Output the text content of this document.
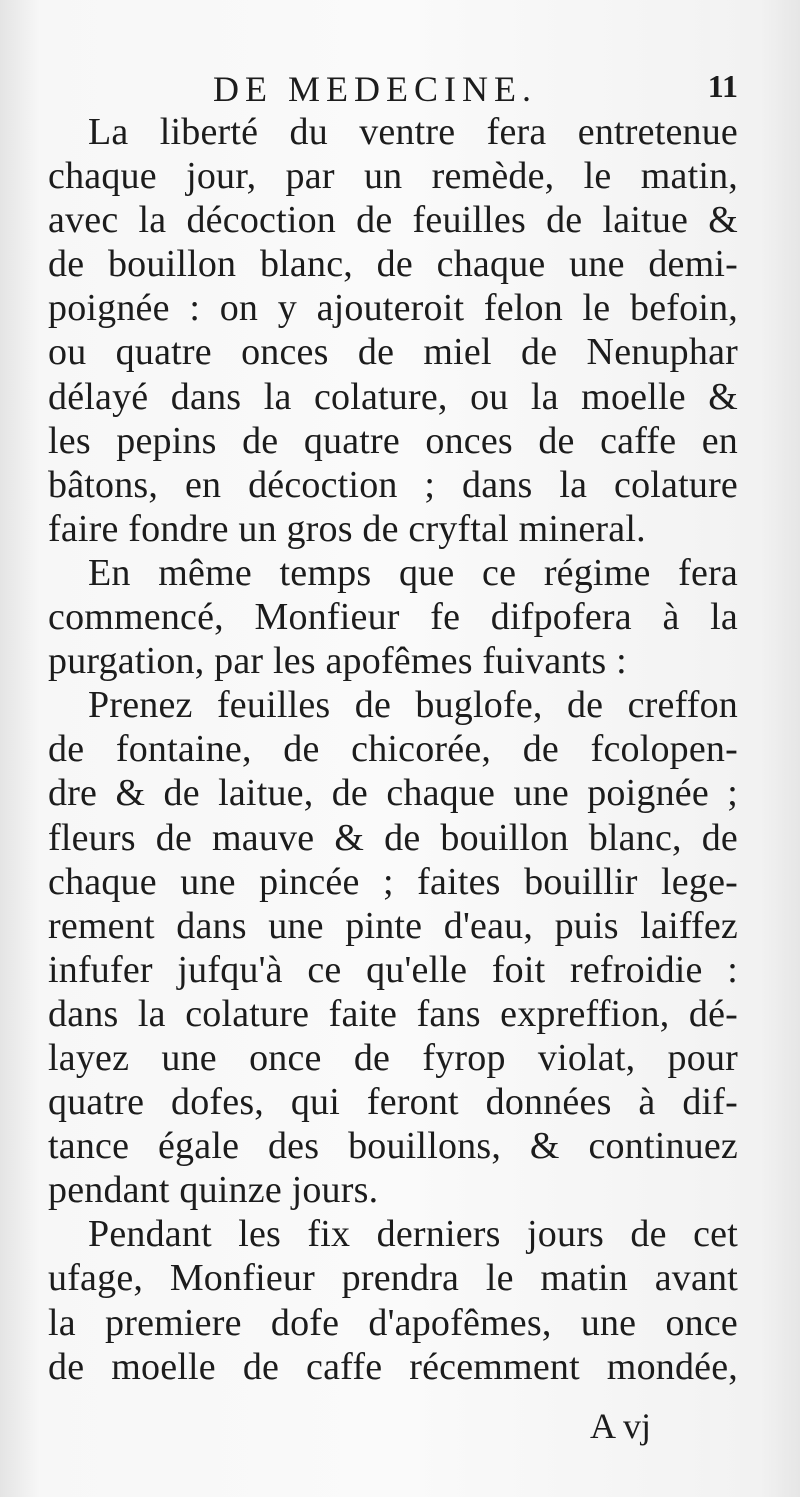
DE MEDECINE.	11
La liberté du ventre fera entretenue
chaque jour, par un remède, le matin,
avec la décoction de feuilles de laitue &
de bouillon blanc, de chaque une demi-
poignée : on y ajouteroit felon le befoin,
ou quatre onces de miel de Nenuphar
délayé dans la colature, ou la moelle &
les pepins de quatre onces de caffe en
bâtons, en décoction ; dans la colature
faire fondre un gros de cryftal mineral.
En même temps que ce régime fera
commencé, Monfieur fe difpofera à la
purgation, par les apofêmes fuivants :
Prenez feuilles de buglofe, de creffon
de fontaine, de chicorée, de fcolopen-
dre & de laitue, de chaque une poignée ;
fleurs de mauve & de bouillon blanc, de
chaque une pincée ; faites bouillir lege-
rement dans une pinte d'eau, puis laiffez
infufer jufqu'à ce qu'elle foit refroidie :
dans la colature faite fans expreffion, dé-
layez une once de fyrop violat, pour
quatre dofes, qui feront données à dif-
tance égale des bouillons, & continuez
pendant quinze jours.
Pendant les fix derniers jours de cet
ufage, Monfieur prendra le matin avant
la premiere dofe d'apofêmes, une once
de moelle de caffe récemment mondée,
A vj
